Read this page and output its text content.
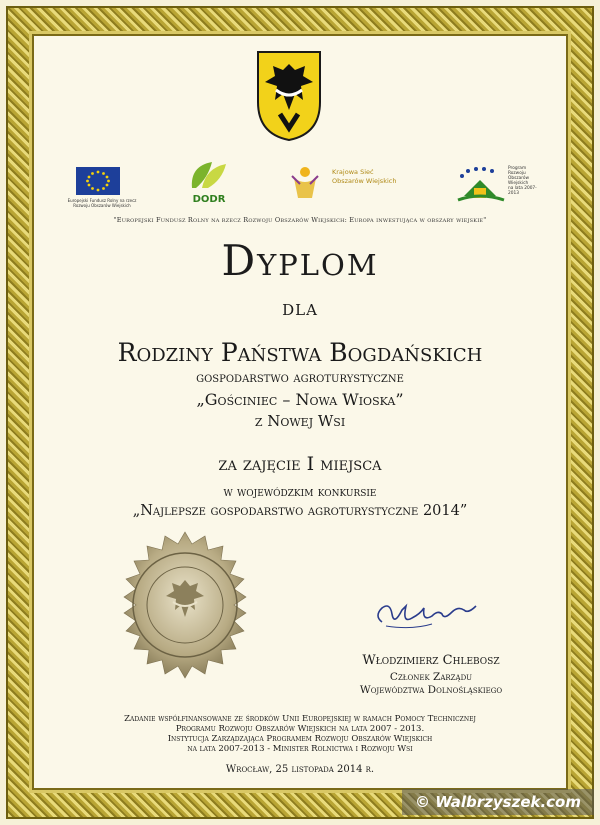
Europejski Fundusz Rolny na rzecz
Rozwoju Obszarów Wiejskich
DODR
Krajowa Sieć
Obszarów Wiejskich
Program
Rozwoju
Obszarów
Wiejskich
na lata 2007-2013
"Europejski Fundusz Rolny na rzecz Rozwoju Obszarów Wiejskich: Europa inwestująca w obszary wiejskie"
Dyplom
dla
Rodziny Państwa Bogdańskich
gospodarstwo agroturystyczne
„Gościniec – Nowa Wioska”
z Nowej Wsi
za zajęcie I miejsca
w wojewódzkim konkursie
„Najlepsze gospodarstwo agroturystyczne 2014”
Włodzimierz Chlebosz
Członek Zarządu
Województwa Dolnośląskiego
Zadanie współfinansowane ze środków Unii Europejskiej w ramach Pomocy Technicznej
Programu Rozwoju Obszarów Wiejskich na lata 2007 - 2013.
Instytucja Zarządzająca Programem Rozwoju Obszarów Wiejskich
na lata 2007-2013 - Minister Rolnictwa i Rozwoju Wsi
Wrocław, 25 listopada 2014 r.
© Walbrzyszek.com
